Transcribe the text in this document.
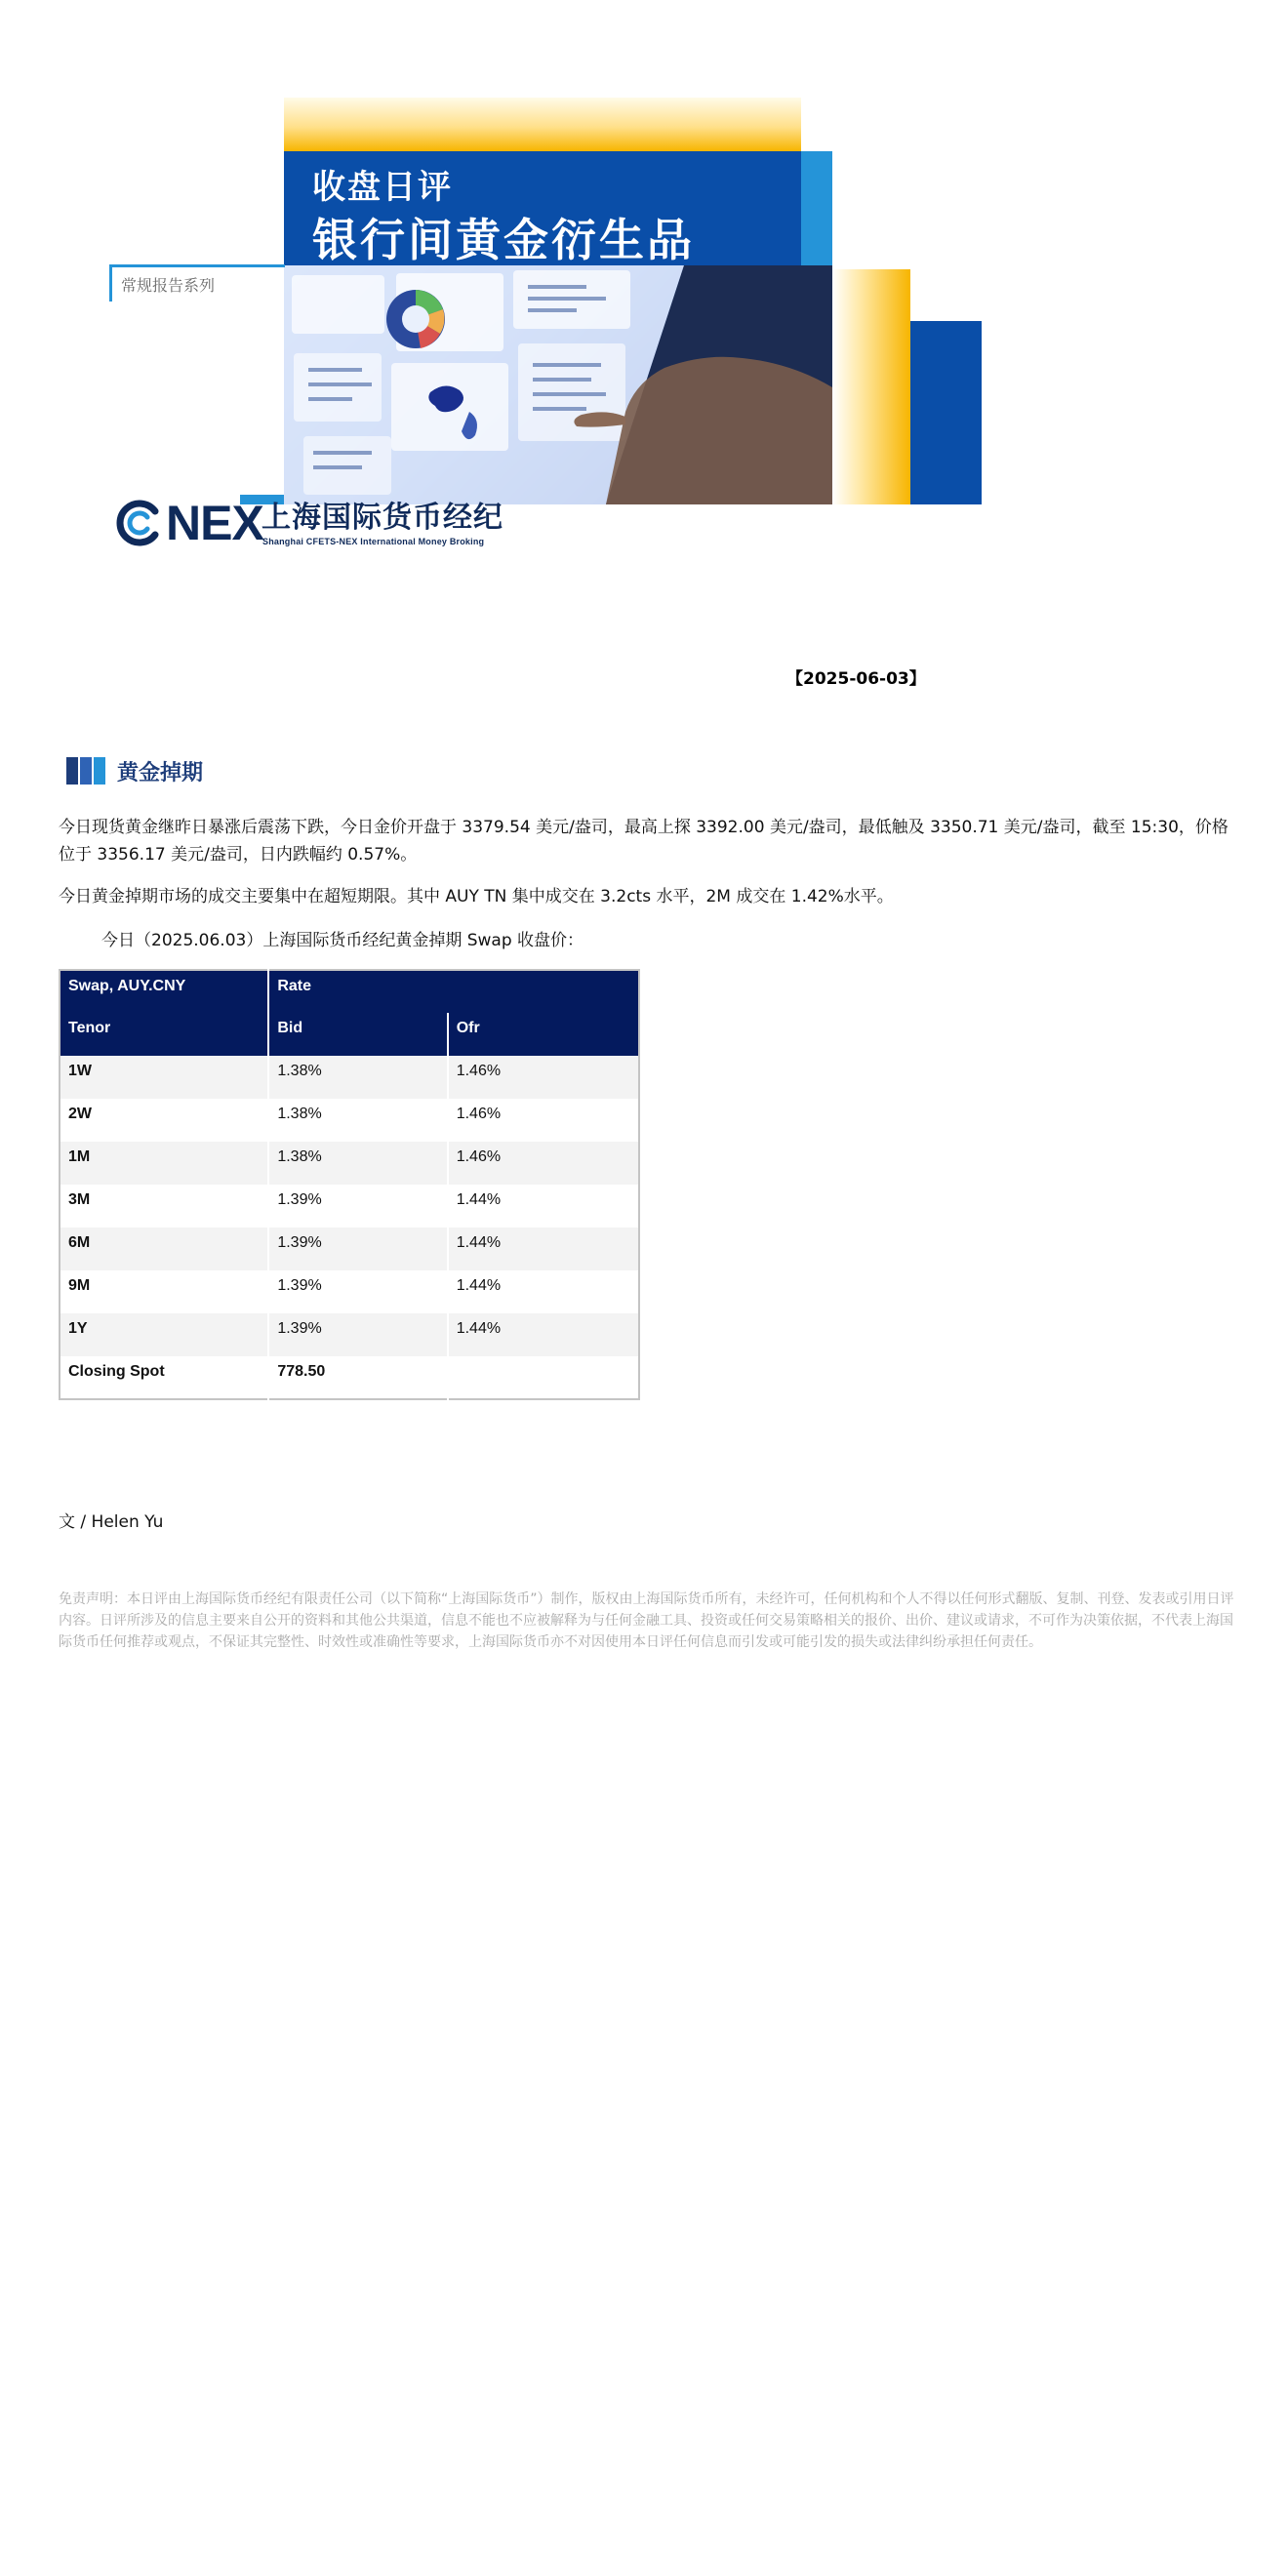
收盘日评
银行间黄金衍生品
常规报告系列
NEX
上海国际货币经纪
Shanghai CFETS-NEX International Money Broking
【2025-06-03】
黄金掉期
今日现货黄金继昨日暴涨后震荡下跌，今日金价开盘于 3379.54 美元/盎司，最高上探 3392.00 美元/盎司，最低触及 3350.71 美元/盎司，截至 15:30，价格位于 3356.17 美元/盎司，日内跌幅约 0.57%。
今日黄金掉期市场的成交主要集中在超短期限。其中 AUY TN 集中成交在 3.2cts 水平，2M 成交在 1.42%水平。
今日（2025.06.03）上海国际货币经纪黄金掉期 Swap 收盘价：
Swap, AUY.CNY	Rate	
Tenor	Bid	Ofr
1W	1.38%	1.46%
2W	1.38%	1.46%
1M	1.38%	1.46%
3M	1.39%	1.44%
6M	1.39%	1.44%
9M	1.39%	1.44%
1Y	1.39%	1.44%
Closing Spot	778.50	
文 / Helen Yu
免责声明：本日评由上海国际货币经纪有限责任公司（以下简称“上海国际货币”）制作，版权由上海国际货币所有，未经许可，任何机构和个人不得以任何形式翻版、复制、刊登、发表或引用日评内容。日评所涉及的信息主要来自公开的资料和其他公共渠道，信息不能也不应被解释为与任何金融工具、投资或任何交易策略相关的报价、出价、建议或请求，不可作为决策依据，不代表上海国际货币任何推荐或观点，不保证其完整性、时效性或准确性等要求，上海国际货币亦不对因使用本日评任何信息而引发或可能引发的损失或法律纠纷承担任何责任。
